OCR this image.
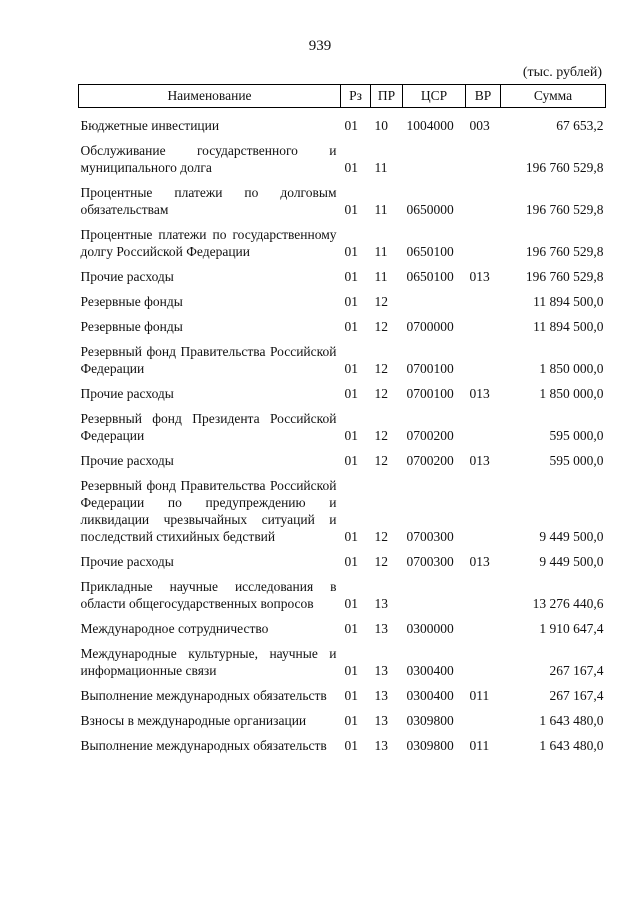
939
(тыс. рублей)
Наименование	Рз	ПР	ЦСР	ВР	Сумма
Бюджетные инвестиции	01	10	1004000	003	67 653,2
Обслуживание государственного и муниципального долга	01	11			196 760 529,8
Процентные платежи по долговым обязательствам	01	11	0650000		196 760 529,8
Процентные платежи по государственному долгу Российской Федерации	01	11	0650100		196 760 529,8
Прочие расходы	01	11	0650100	013	196 760 529,8
Резервные фонды	01	12			11 894 500,0
Резервные фонды	01	12	0700000		11 894 500,0
Резервный фонд Правительства Российской Федерации	01	12	0700100		1 850 000,0
Прочие расходы	01	12	0700100	013	1 850 000,0
Резервный фонд Президента Российской Федерации	01	12	0700200		595 000,0
Прочие расходы	01	12	0700200	013	595 000,0
Резервный фонд Правительства Российской Федерации по предупреждению и ликвидации чрезвычайных ситуаций и последствий стихийных бедствий	01	12	0700300		9 449 500,0
Прочие расходы	01	12	0700300	013	9 449 500,0
Прикладные научные исследования в области общегосударственных вопросов	01	13			13 276 440,6
Международное сотрудничество	01	13	0300000		1 910 647,4
Международные культурные, научные и информационные связи	01	13	0300400		267 167,4
Выполнение международных обязательств	01	13	0300400	011	267 167,4
Взносы в международные организации	01	13	0309800		1 643 480,0
Выполнение международных обязательств	01	13	0309800	011	1 643 480,0
